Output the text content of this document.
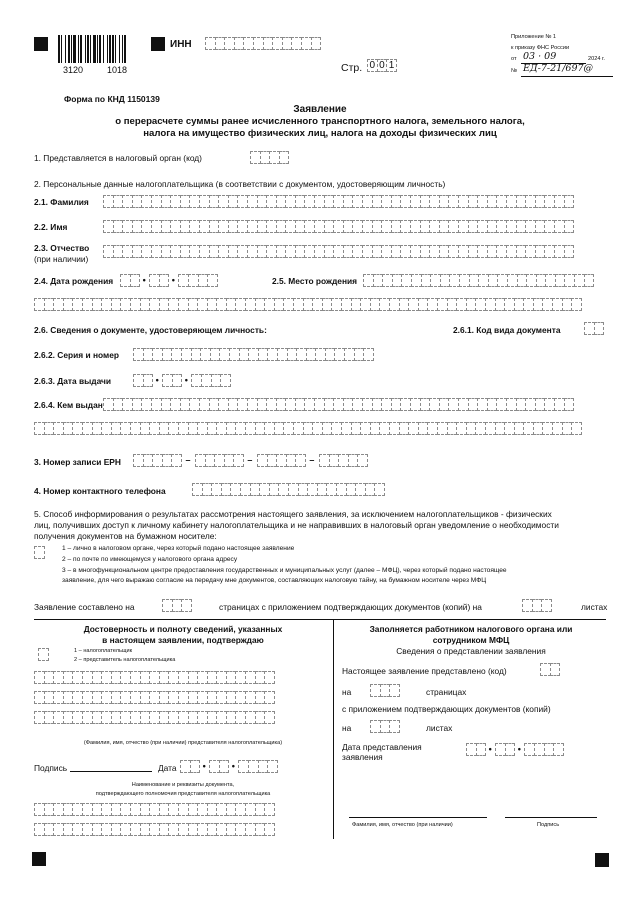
3120	1018
ИНН
Стр. 0 0 1
Приложение № 1
к приказу ФНС России
от 03 · 09	2024 г.
№ ЕД-7-21/697@
Форма по КНД 1150139
Заявление
о перерасчете суммы ранее исчисленного транспортного налога, земельного налога,
налога на имущество физических лиц, налога на доходы физических лиц
1. Представляется в налоговый орган (код)
2. Персональные данные налогоплательщика (в соответствии с документом, удостоверяющим личность)
2.1. Фамилия
2.2. Имя
2.3. Отчество
(при наличии)
2.4. Дата рождения	•	•	2.5. Место рождения
2.6. Сведения о документе, удостоверяющем личность:	2.6.1. Код вида документа
2.6.2. Серия и номер
2.6.3. Дата выдачи	•	•
2.6.4. Кем выдан
3. Номер записи ЕРН	–	–	–
4. Номер контактного телефона
5. Способ информирования о результатах рассмотрения настоящего заявления, за исключением налогоплательщиков - физических
лиц, получивших доступ к личному кабинету налогоплательщика и не направивших в налоговый орган уведомление о необходимости
получения документов на бумажном носителе:
1 – лично в налоговом органе, через который подано настоящее заявление
2 – по почте по имеющемуся у налогового органа адресу
3 – в многофункциональном центре предоставления государственных и муниципальных услуг (далее – МФЦ), через который подано настоящее
заявление, для чего выражаю согласие на передачу мне документов, составляющих налоговую тайну, на бумажном носителе через МФЦ
Заявление составлено на	страницах с приложением подтверждающих документов (копий) на	листах
Достоверность и полноту сведений, указанных
в настоящем заявлении, подтверждаю
1 – налогоплательщик
2 – представитель налогоплательщика
(Фамилия, имя, отчество (при наличии) представителя налогоплательщика)
Подпись	Дата	•	•
Наименование и реквизиты документа,
подтверждающего полномочия представителя налогоплательщика
Заполняется работником налогового органа или
сотрудником МФЦ
Сведения о представлении заявления
Настоящее заявление представлено (код)
на	страницах
с приложением подтверждающих документов (копий)
на	листах
Дата представления
заявления
•	•
Фамилия, имя, отчество (при наличии)	Подпись
